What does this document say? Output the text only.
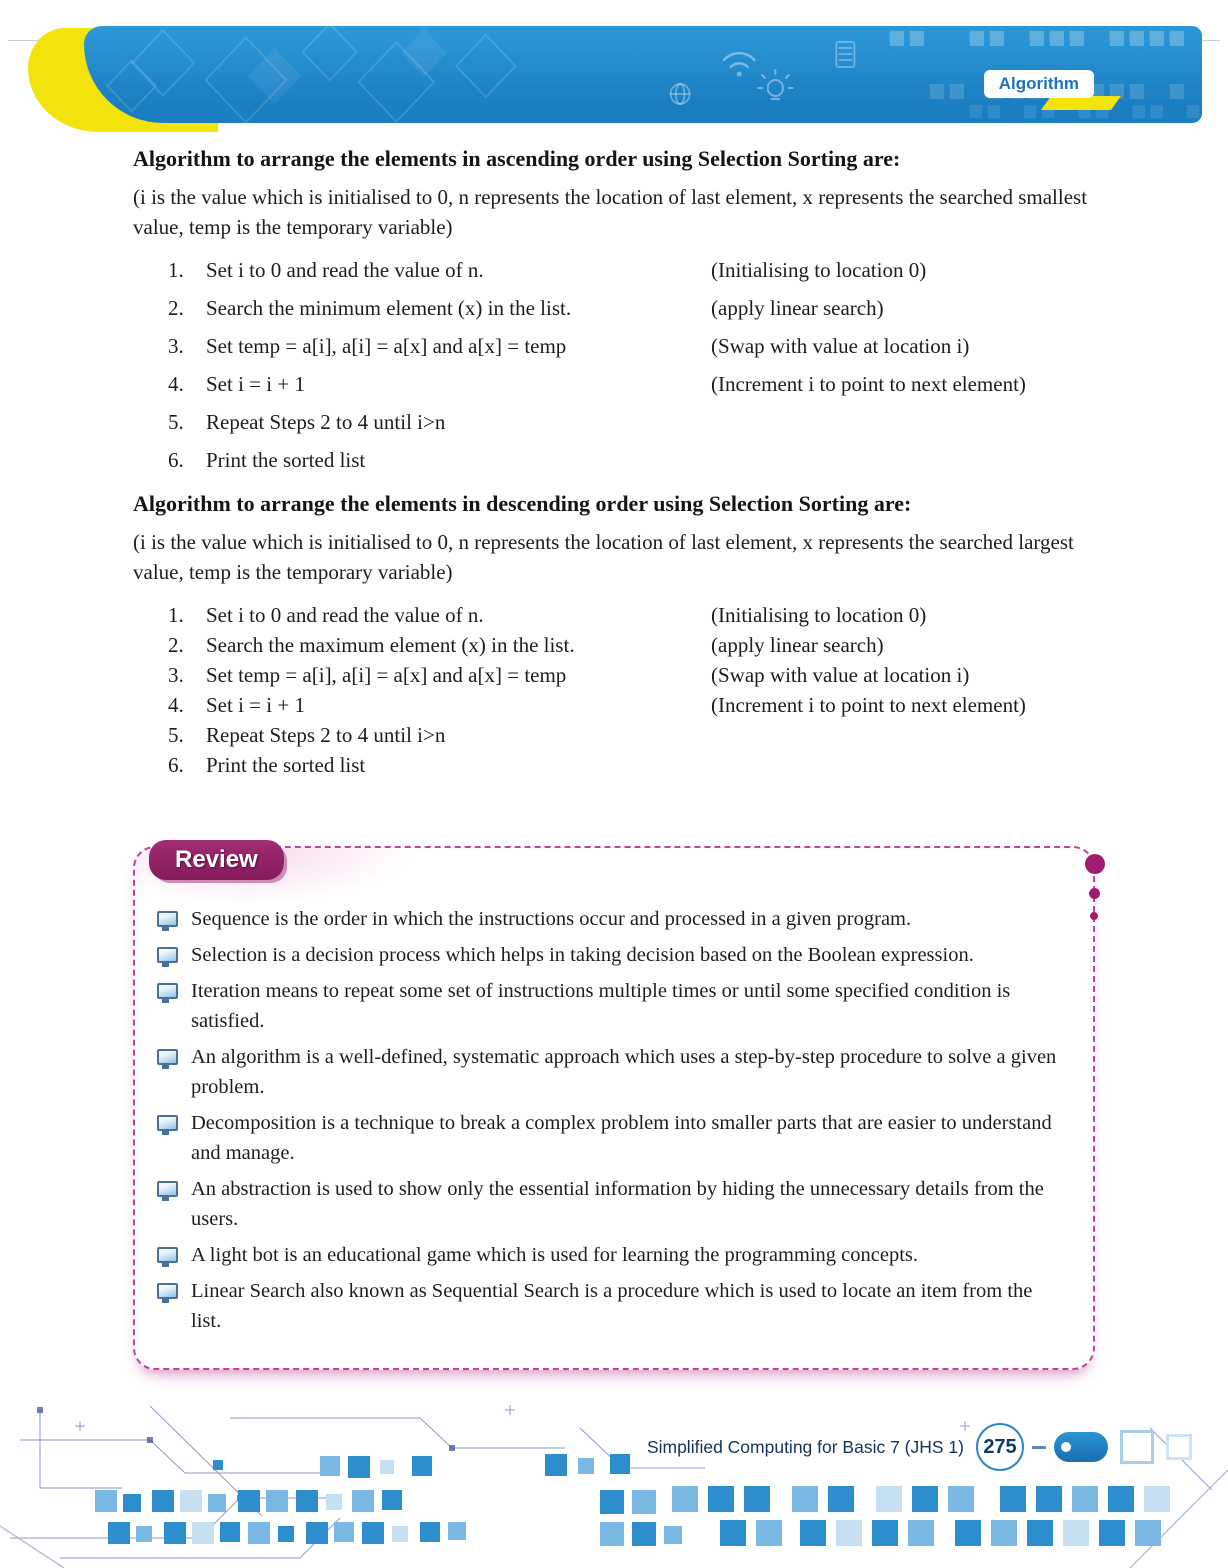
Algorithm
Algorithm to arrange the elements in ascending order using Selection Sorting are:

(i is the value which is initialised to 0, n represents the location of last element, x represents the searched smallest value, temp is the temporary variable)

1.	Set i to 0 and read the value of n.	(Initialising to location 0)
2.	Search the minimum element (x) in the list.	(apply linear search)
3.	Set temp = a[i], a[i] = a[x] and a[x] = temp	(Swap with value at location i)
4.	Set i = i + 1	(Increment i to point to next element)
5.	Repeat Steps 2 to 4 until i>n
6.	Print the sorted list
Algorithm to arrange the elements in descending order using Selection Sorting are:

(i is the value which is initialised to 0, n represents the location of last element, x represents the searched largest value, temp is the temporary variable)

1.	Set i to 0 and read the value of n.	(Initialising to location 0)
2.	Search the maximum element (x) in the list.	(apply linear search)
3.	Set temp = a[i], a[i] = a[x] and a[x] = temp	(Swap with value at location i)
4.	Set i = i + 1	(Increment i to point to next element)
5.	Repeat Steps 2 to 4 until i>n
6.	Print the sorted list
Review
Sequence is the order in which the instructions occur and processed in a given program.
Selection is a decision process which helps in taking decision based on the Boolean expression.
Iteration means to repeat some set of instructions multiple times or until some specified condition is satisfied.
An algorithm is a well-defined, systematic approach which uses a step-by-step procedure to solve a given problem.
Decomposition is a technique to break a complex problem into smaller parts that are easier to understand and manage.
An abstraction is used to show only the essential information by hiding the unnecessary details from the users.
A light bot is an educational game which is used for learning the programming concepts.
Linear Search also known as Sequential Search is a procedure which is used to locate an item from the list.
Simplified Computing for Basic 7 (JHS 1) 275
